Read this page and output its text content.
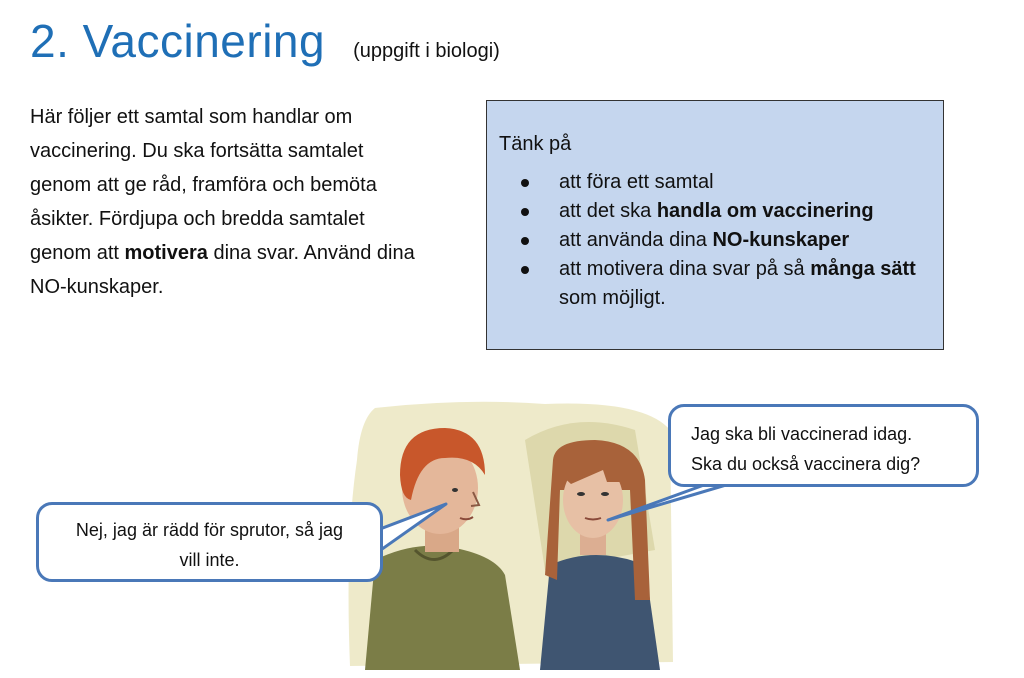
2. Vaccinering (uppgift i biologi)

Här följer ett samtal som handlar om vaccinering. Du ska fortsätta samtalet genom att ge råd, framföra och bemöta åsikter. Fördjupa och bredda samtalet genom att motivera dina svar. Använd dina NO-kunskaper.

Tänk på
att föra ett samtal
att det ska handla om vaccinering
att använda dina NO-kunskaper
att motivera dina svar på så många sätt som möjligt.
Nej, jag är rädd för sprutor, så jag
vill inte.
Jag ska bli vaccinerad idag.
Ska du också vaccinera dig?
